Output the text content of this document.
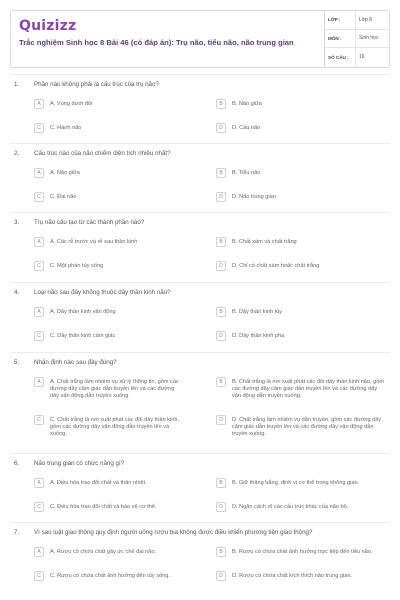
Quizizz
Trắc nghiệm Sinh học 8 Bài 46 (có đáp án): Trụ não, tiểu não, não trung gian
LỚP :	Lớp 8
MÔN :	Sinh học
SỐ CÂU :	16
1. Phần nào không phải là cấu trúc của trụ não?
A	A. Vùng dưới đồi	B	B. Não giữa
C	C. Hành não	D	D. Cầu não
2. Cấu trúc nào của não chiếm diện tích nhiều nhất?
A	A. Não giữa	B	B. Tiểu não
C	C. Đại não	D	D. Não trung gian
3. Trụ não cấu tạo từ các thành phần nào?
A	A. Các rễ trước và rễ sau thần kinh	B	B. Chất xám và chất trắng
C	C. Một phần tủy sống	D	D. Chỉ có chất xám hoặc chất trắng
4. Loại não sau đây không thuộc dây thần kinh não?
A	A. Dây thần kinh vận động	B	B. Dây thần kinh tủy
C	C. Dây thần kinh cảm giác	D	D. Dây thần kinh pha
5. Nhận định nào sau đây đúng?
A	A. Chất trắng làm nhiệm vụ xử lý thông tin, gồm các đường dây cảm giác dẫn truyền lên và các đường dây vận động dẫn truyền xuống.
B	B. Chất trắng là nơi xuất phát các đôi dây thần kinh não, gồm các đường dây cảm giác dẫn truyền lên và các đường dây vận động dẫn truyền xuống.
C	C. Chất trắng là nơi xuất phát các đôi dây thần kinh, gồm các đường dây vận động dẫn truyền lên và xuống.
D	D. Chất trắng làm nhiệm vụ dẫn truyền, gồm các đường dây cảm giác dẫn truyền lên và các đường dây vận động dẫn truyền xuống.
6. Não trung gian có chức năng gì?
A	A. Điều hòa trao đổi chất và thân nhiệt.	B	B. Giữ thăng bằng, định vị cơ thể trong không gian.
C	C. Điều hòa trao đổi chất và bảo vệ cơ thể.	D	D. Ngăn cách rõ các cấu trúc khác của não bộ.
7. Vì sao luật giao thông quy định người uống rượu bia không được điều khiển phương tiện giao thông?
A	A. Rượu có chứa chất gây ức chế đại não.	B	B. Rượu có chứa chất ảnh hưởng trực tiếp đến tiểu não.
C	C. Rượu có chứa chất ảnh hưởng đến tủy sống.	D	D. Rượu có chứa chất kích thích não trung gian.
